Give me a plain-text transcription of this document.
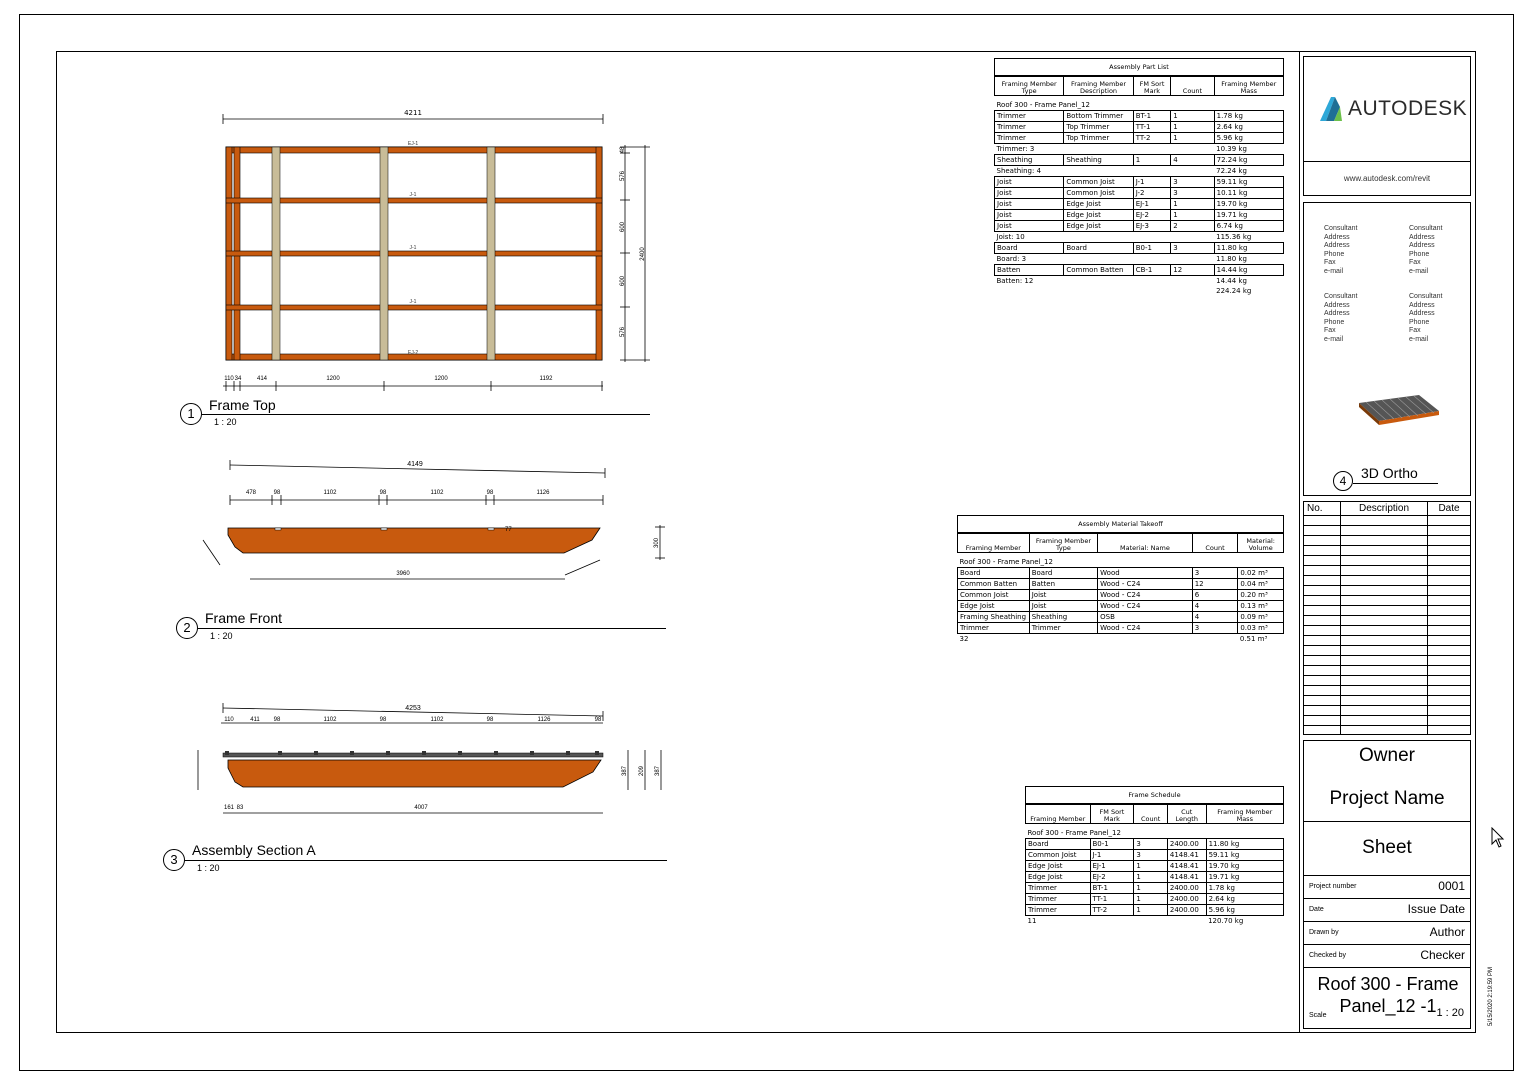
AUTODESK
www.autodesk.com/revit
Consultant
Address
Address
Phone
Fax
e-mail
Consultant
Address
Address
Phone
Fax
e-mail
Consultant
Address
Address
Phone
Fax
e-mail
Consultant
Address
Address
Phone
Fax
e-mail
4	3D Ortho
No.	Description	Date

Owner
Project Name
Sheet
Project number	0001
Date	Issue Date
Drawn by	Author
Checked by	Checker
Roof 300 - Frame Panel_12 -1
Scale	1 : 20	5/15/2020 2:19:59 PM
4211
EJ-1
J-1
J-1
J-1
EJ-2
48
576
600
600
576
2400
110 34	414	1200	1200	1192
1
Frame Top
1 : 20
4149
478	98	1102	98	1102	98	1126
77
3960
300
2
Frame Front
1 : 20
4253
110	411 98	1102	98	1102	98	1126	98
161 83	4007
387 209 387
3
Assembly Section A
1 : 20
Assembly Part List
Framing Member Type	Framing Member Description	FM Sort Mark	Count	Framing Member Mass
Roof 300 - Frame Panel_12				
Trimmer	Bottom Trimmer	BT-1	1	1.78 kg
Trimmer	Top Trimmer	TT-1	1	2.64 kg
Trimmer	Top Trimmer	TT-2	1	5.96 kg
Trimmer: 3				10.39 kg
Sheathing	Sheathing	1	4	72.24 kg
Sheathing: 4				72.24 kg
Joist	Common Joist	J-1	3	59.11 kg
Joist	Common Joist	J-2	3	10.11 kg
Joist	Edge Joist	EJ-1	1	19.70 kg
Joist	Edge Joist	EJ-2	1	19.71 kg
Joist	Edge Joist	EJ-3	2	6.74 kg
Joist: 10				115.36 kg
Board	Board	B0-1	3	11.80 kg
Board: 3				11.80 kg
Batten	Common Batten	CB-1	12	14.44 kg
Batten: 12				14.44 kg
				224.24 kg
Assembly Material Takeoff
Framing Member	Framing Member Type	Material: Name	Count	Material: Volume
Roof 300 - Frame Panel_12				
Board	Board	Wood	3	0.02 m³
Common Batten	Batten	Wood - C24	12	0.04 m³
Common Joist	Joist	Wood - C24	6	0.20 m³
Edge Joist	Joist	Wood - C24	4	0.13 m³
Framing Sheathing	Sheathing	OSB	4	0.09 m³
Trimmer	Trimmer	Wood - C24	3	0.03 m³
32				0.51 m³
Frame Schedule
Framing Member	FM Sort Mark	Count	Cut Length	Framing Member Mass
Roof 300 - Frame Panel_12				
Board	B0-1	3	2400.00	11.80 kg
Common Joist	J-1	3	4148.41	59.11 kg
Edge Joist	EJ-1	1	4148.41	19.70 kg
Edge Joist	EJ-2	1	4148.41	19.71 kg
Trimmer	BT-1	1	2400.00	1.78 kg
Trimmer	TT-1	1	2400.00	2.64 kg
Trimmer	TT-2	1	2400.00	5.96 kg
11				120.70 kg
